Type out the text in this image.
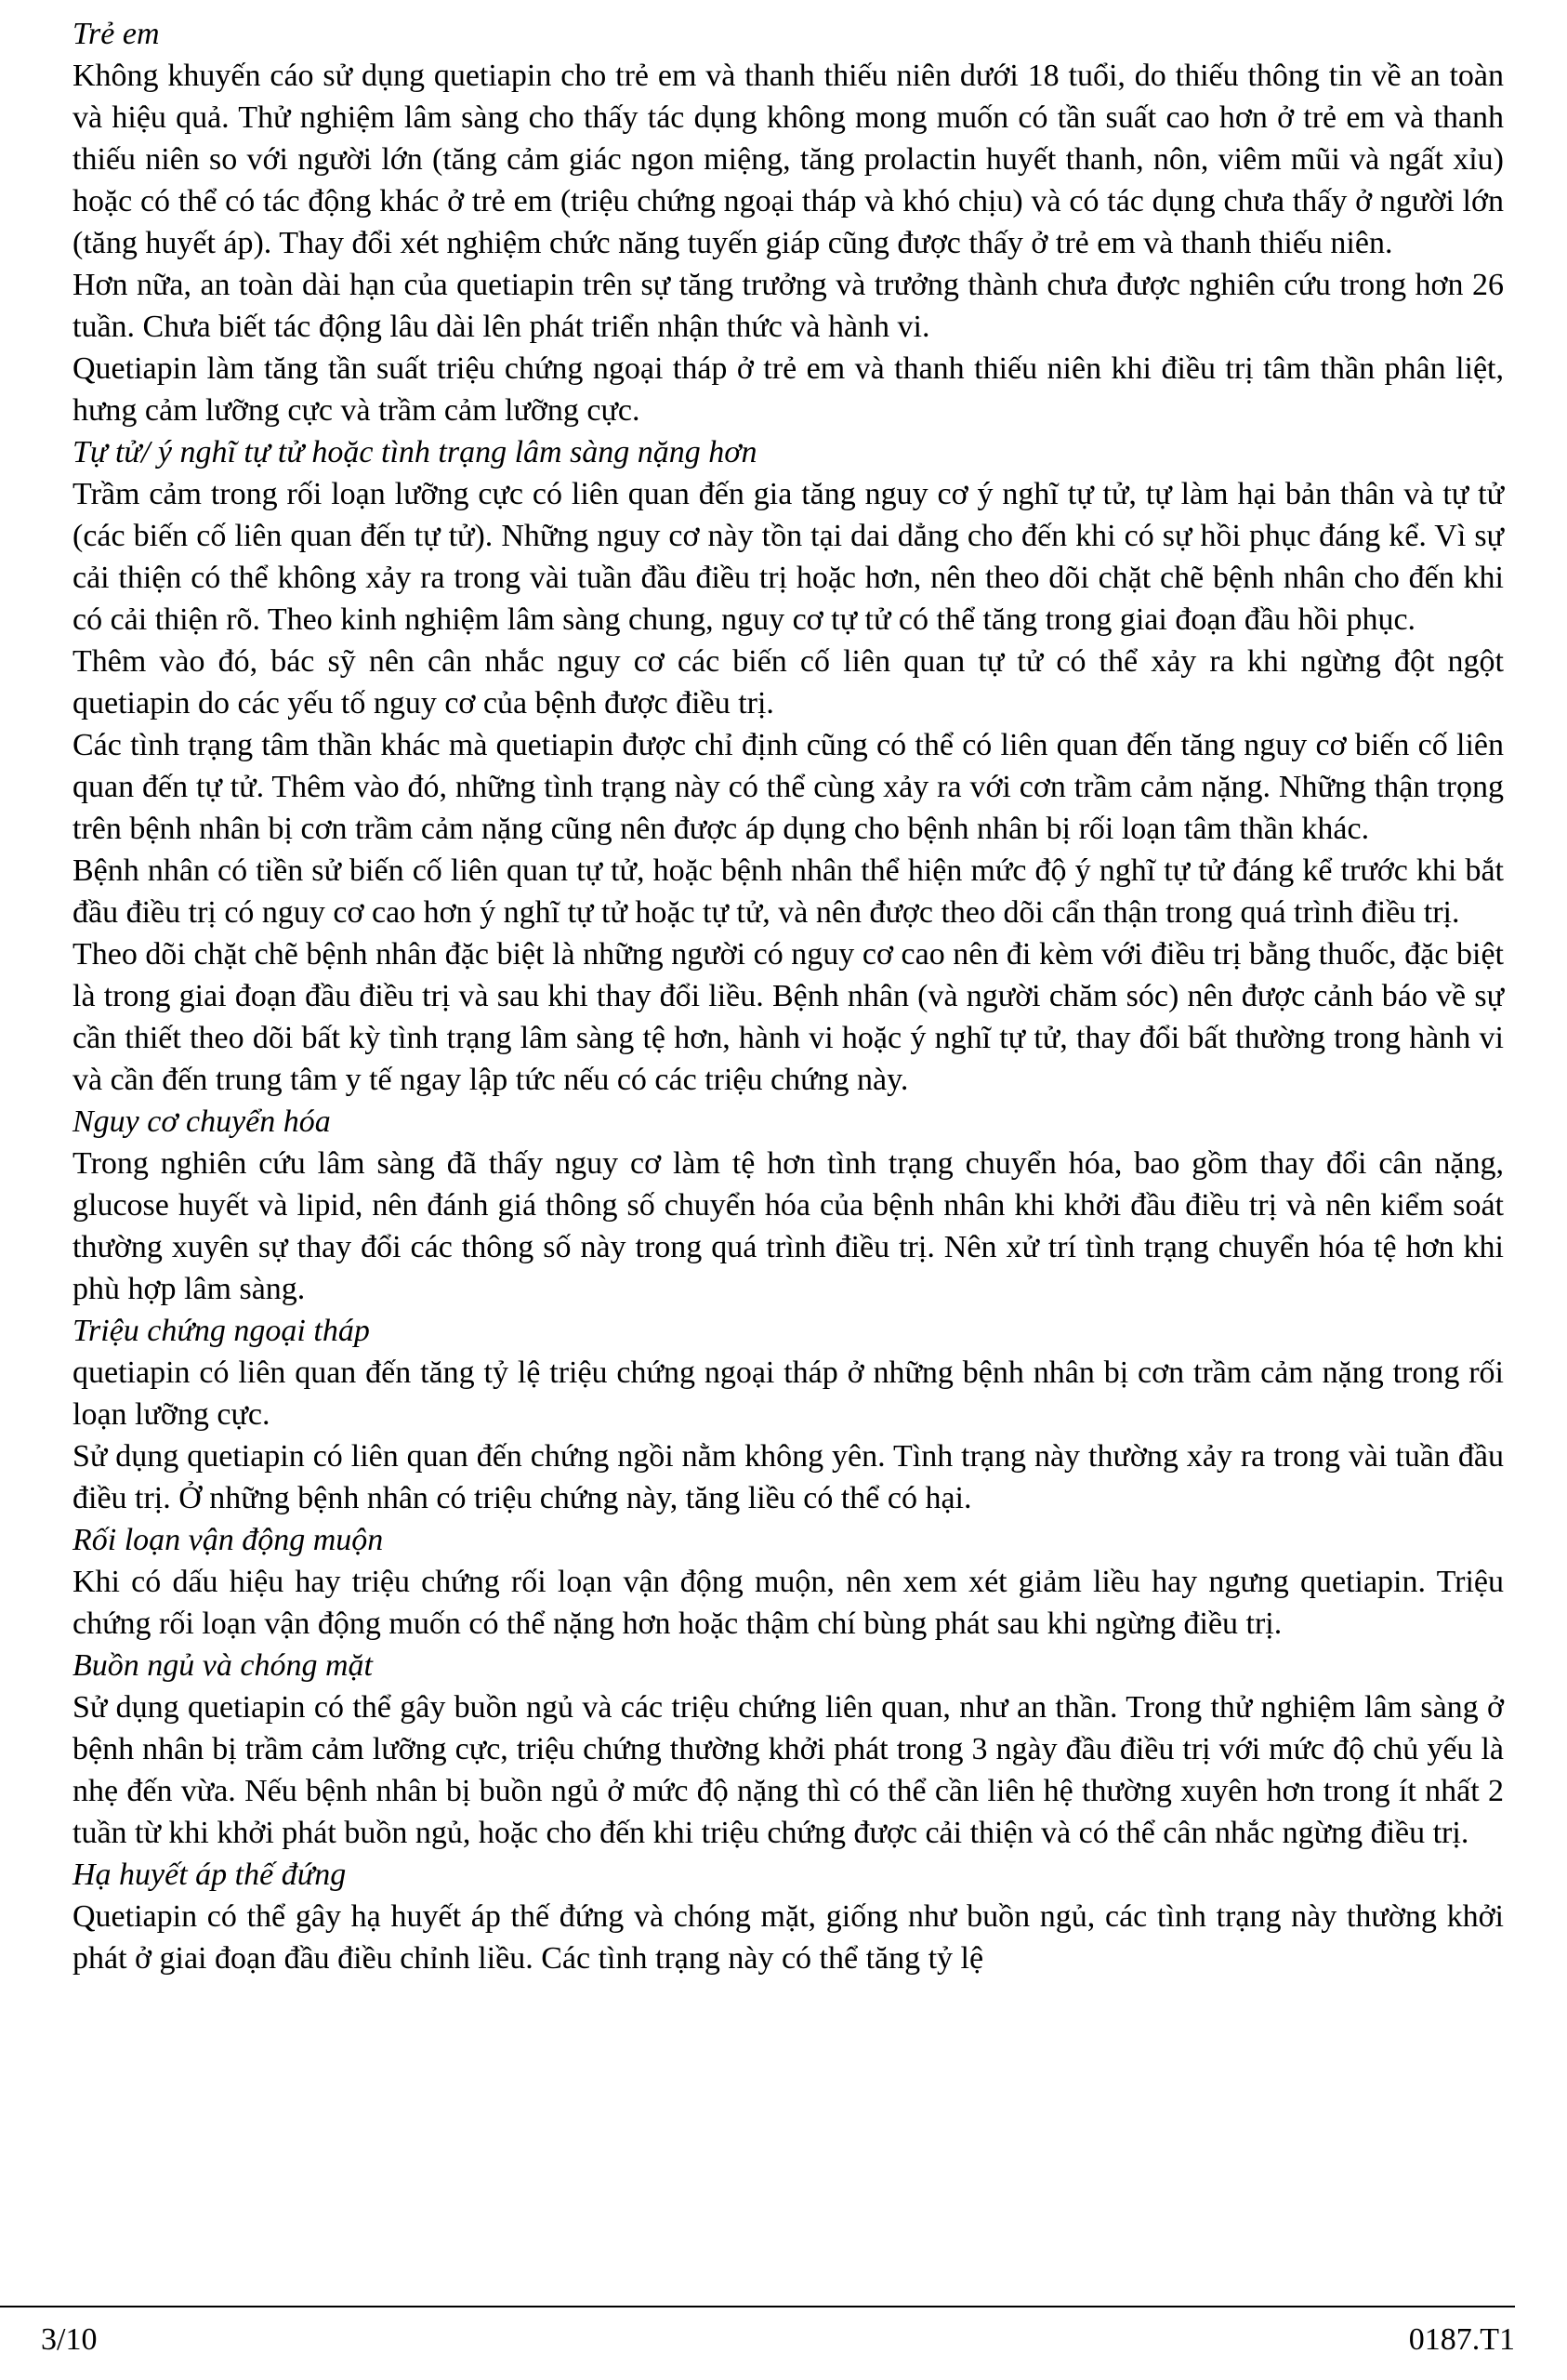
Trẻ em
Không khuyến cáo sử dụng quetiapin cho trẻ em và thanh thiếu niên dưới 18 tuổi, do thiếu thông tin về an toàn và hiệu quả. Thử nghiệm lâm sàng cho thấy tác dụng không mong muốn có tần suất cao hơn ở trẻ em và thanh thiếu niên so với người lớn (tăng cảm giác ngon miệng, tăng prolactin huyết thanh, nôn, viêm mũi và ngất xỉu) hoặc có thể có tác động khác ở trẻ em (triệu chứng ngoại tháp và khó chịu) và có tác dụng chưa thấy ở người lớn (tăng huyết áp). Thay đổi xét nghiệm chức năng tuyến giáp cũng được thấy ở trẻ em và thanh thiếu niên.
Hơn nữa, an toàn dài hạn của quetiapin trên sự tăng trưởng và trưởng thành chưa được nghiên cứu trong hơn 26 tuần. Chưa biết tác động lâu dài lên phát triển nhận thức và hành vi.
Quetiapin làm tăng tần suất triệu chứng ngoại tháp ở trẻ em và thanh thiếu niên khi điều trị tâm thần phân liệt, hưng cảm lưỡng cực và trầm cảm lưỡng cực.
Tự tử/ ý nghĩ tự tử hoặc tình trạng lâm sàng nặng hơn
Trầm cảm trong rối loạn lưỡng cực có liên quan đến gia tăng nguy cơ ý nghĩ tự tử, tự làm hại bản thân và tự tử (các biến cố liên quan đến tự tử). Những nguy cơ này tồn tại dai dẳng cho đến khi có sự hồi phục đáng kể. Vì sự cải thiện có thể không xảy ra trong vài tuần đầu điều trị hoặc hơn, nên theo dõi chặt chẽ bệnh nhân cho đến khi có cải thiện rõ. Theo kinh nghiệm lâm sàng chung, nguy cơ tự tử có thể tăng trong giai đoạn đầu hồi phục.
Thêm vào đó, bác sỹ nên cân nhắc nguy cơ các biến cố liên quan tự tử có thể xảy ra khi ngừng đột ngột quetiapin do các yếu tố nguy cơ của bệnh được điều trị.
Các tình trạng tâm thần khác mà quetiapin được chỉ định cũng có thể có liên quan đến tăng nguy cơ biến cố liên quan đến tự tử. Thêm vào đó, những tình trạng này có thể cùng xảy ra với cơn trầm cảm nặng. Những thận trọng trên bệnh nhân bị cơn trầm cảm nặng cũng nên được áp dụng cho bệnh nhân bị rối loạn tâm thần khác.
Bệnh nhân có tiền sử biến cố liên quan tự tử, hoặc bệnh nhân thể hiện mức độ ý nghĩ tự tử đáng kể trước khi bắt đầu điều trị có nguy cơ cao hơn ý nghĩ tự tử hoặc tự tử, và nên được theo dõi cẩn thận trong quá trình điều trị.
Theo dõi chặt chẽ bệnh nhân đặc biệt là những người có nguy cơ cao nên đi kèm với điều trị bằng thuốc, đặc biệt là trong giai đoạn đầu điều trị và sau khi thay đổi liều. Bệnh nhân (và người chăm sóc) nên được cảnh báo về sự cần thiết theo dõi bất kỳ tình trạng lâm sàng tệ hơn, hành vi hoặc ý nghĩ tự tử, thay đổi bất thường trong hành vi và cần đến trung tâm y tế ngay lập tức nếu có các triệu chứng này.
Nguy cơ chuyển hóa
Trong nghiên cứu lâm sàng đã thấy nguy cơ làm tệ hơn tình trạng chuyển hóa, bao gồm thay đổi cân nặng, glucose huyết và lipid, nên đánh giá thông số chuyển hóa của bệnh nhân khi khởi đầu điều trị và nên kiểm soát thường xuyên sự thay đổi các thông số này trong quá trình điều trị. Nên xử trí tình trạng chuyển hóa tệ hơn khi phù hợp lâm sàng.
Triệu chứng ngoại tháp
quetiapin có liên quan đến tăng tỷ lệ triệu chứng ngoại tháp ở những bệnh nhân bị cơn trầm cảm nặng trong rối loạn lưỡng cực.
Sử dụng quetiapin có liên quan đến chứng ngồi nằm không yên. Tình trạng này thường xảy ra trong vài tuần đầu điều trị. Ở những bệnh nhân có triệu chứng này, tăng liều có thể có hại.
Rối loạn vận động muộn
Khi có dấu hiệu hay triệu chứng rối loạn vận động muộn, nên xem xét giảm liều hay ngưng quetiapin. Triệu chứng rối loạn vận động muốn có thể nặng hơn hoặc thậm chí bùng phát sau khi ngừng điều trị.
Buồn ngủ và chóng mặt
Sử dụng quetiapin có thể gây buồn ngủ và các triệu chứng liên quan, như an thần. Trong thử nghiệm lâm sàng ở bệnh nhân bị trầm cảm lưỡng cực, triệu chứng thường khởi phát trong 3 ngày đầu điều trị với mức độ chủ yếu là nhẹ đến vừa. Nếu bệnh nhân bị buồn ngủ ở mức độ nặng thì có thể cần liên hệ thường xuyên hơn trong ít nhất 2 tuần từ khi khởi phát buồn ngủ, hoặc cho đến khi triệu chứng được cải thiện và có thể cân nhắc ngừng điều trị.
Hạ huyết áp thế đứng
Quetiapin có thể gây hạ huyết áp thế đứng và chóng mặt, giống như buồn ngủ, các tình trạng này thường khởi phát ở giai đoạn đầu điều chỉnh liều. Các tình trạng này có thể tăng tỷ lệ
3/10	0187.T1
